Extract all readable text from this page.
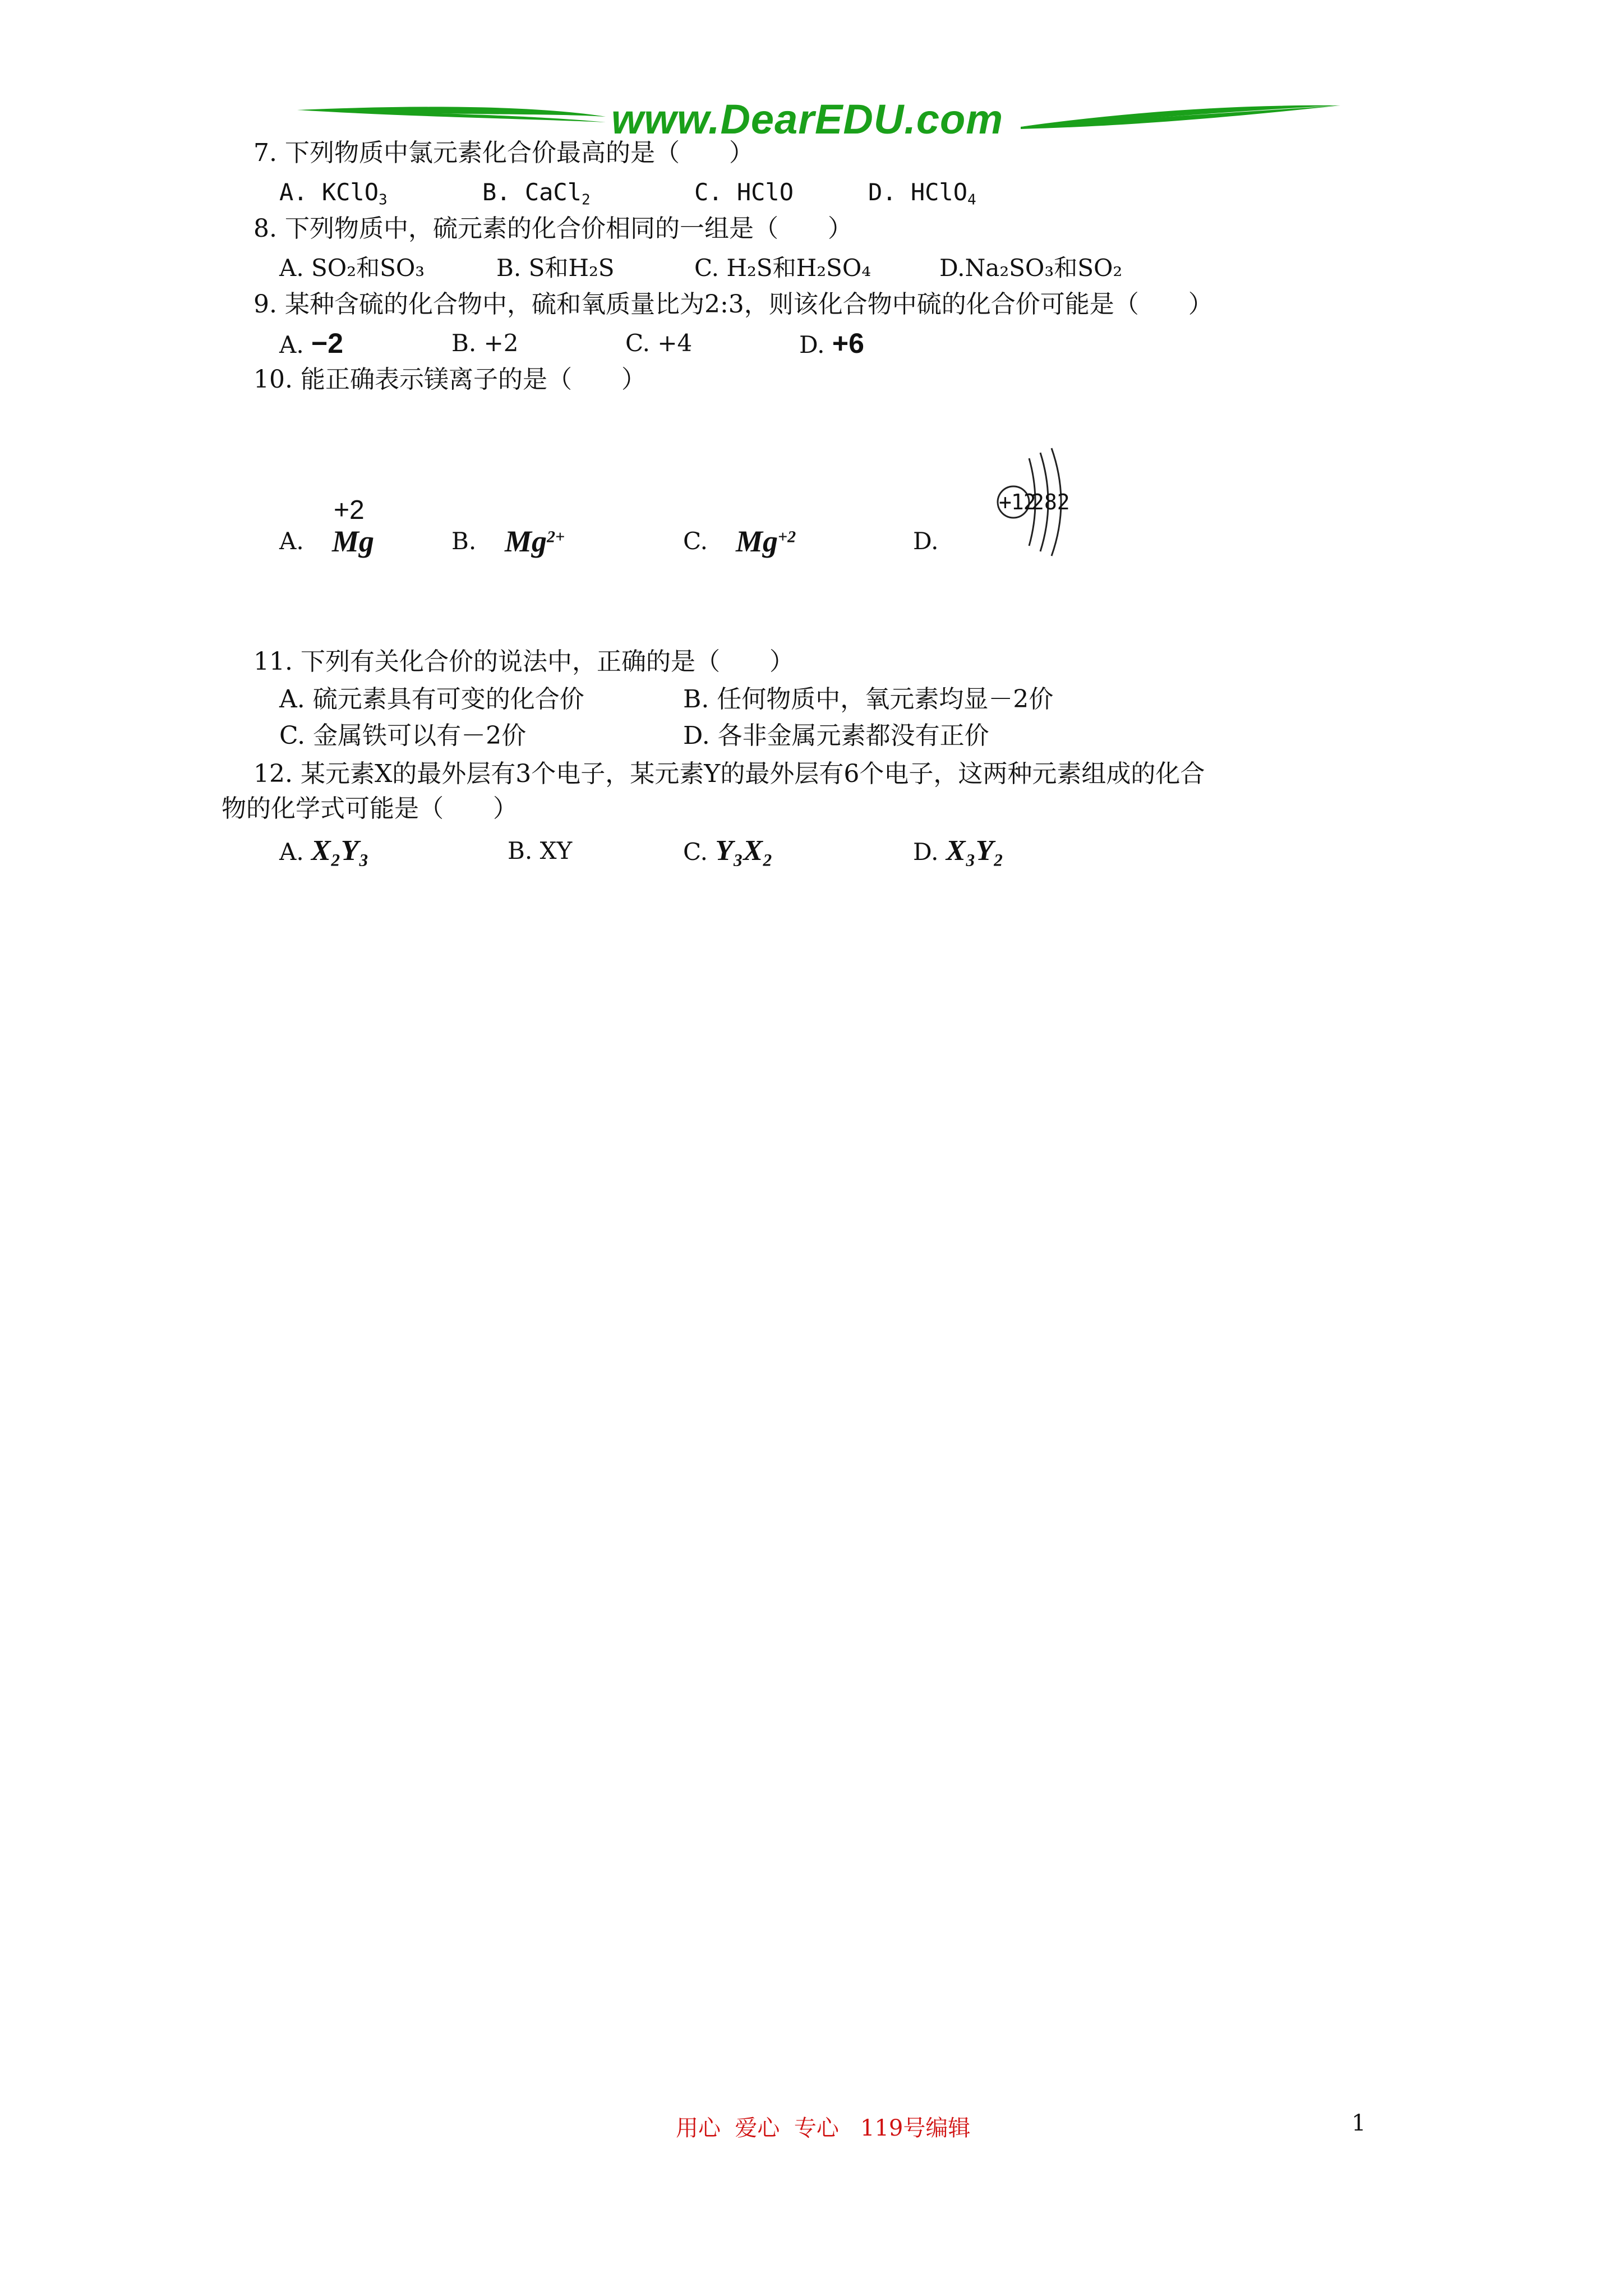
www.DearEDU.com
7. 下列物质中氯元素化合价最高的是（　　）
A. KClO$_3$	B. CaCl$_2$	C. HClO	D. HClO$_4$
8. 下列物质中，硫元素的化合价相同的一组是（　　）
A. SO₂和SO₃	B. S和H₂S	C. H₂S和H₂SO₄	D.Na₂SO₃和SO₂
9. 某种含硫的化合物中，硫和氧质量比为2:3，则该化合物中硫的化合价可能是（　　）
A. −2	B. +2	C. +4	D. +6
10. 能正确表示镁离子的是（　　）
A.
+2
Mg	B. $Mg^{2+}$	C. $Mg^{+2}$	D.
+12
282
11. 下列有关化合价的说法中，正确的是（　　）
A. 硫元素具有可变的化合价	B. 任何物质中，氧元素均显－2价
C. 金属铁可以有－2价	D. 各非金属元素都没有正价
12. 某元素X的最外层有3个电子，某元素Y的最外层有6个电子，这两种元素组成的化合
物的化学式可能是（　　）
A. X₂Y₃	B. XY	C. Y₃X₂	D. X₃Y₂
用心  爱心  专心   119号编辑	1
